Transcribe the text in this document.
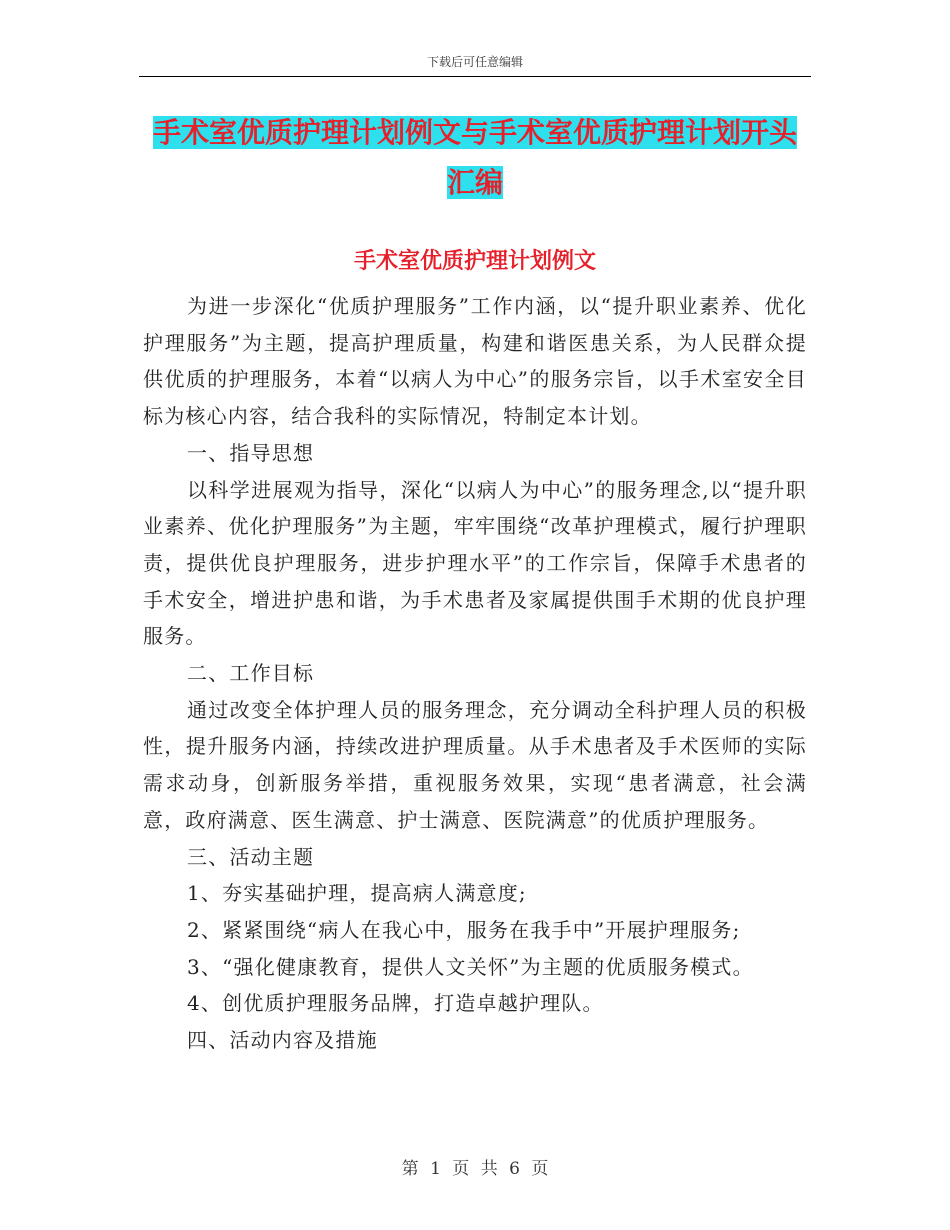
下载后可任意编辑
手术室优质护理计划例文与手术室优质护理计划开头汇编
手术室优质护理计划例文

为进一步深化“优质护理服务”工作内涵，以“提升职业素养、优化护理服务”为主题，提高护理质量，构建和谐医患关系，为人民群众提供优质的护理服务，本着“以病人为中心”的服务宗旨，以手术室安全目标为核心内容，结合我科的实际情况，特制定本计划。

一、指导思想

以科学进展观为指导，深化“以病人为中心”的服务理念,以“提升职业素养、优化护理服务”为主题，牢牢围绕“改革护理模式，履行护理职责，提供优良护理服务，进步护理水平”的工作宗旨，保障手术患者的手术安全，增进护患和谐，为手术患者及家属提供围手术期的优良护理服务。

二、工作目标

通过改变全体护理人员的服务理念，充分调动全科护理人员的积极性，提升服务内涵，持续改进护理质量。从手术患者及手术医师的实际需求动身，创新服务举措，重视服务效果，实现“患者满意，社会满意，政府满意、医生满意、护士满意、医院满意”的优质护理服务。

三、活动主题

1、夯实基础护理，提高病人满意度;

2、紧紧围绕“病人在我心中，服务在我手中”开展护理服务;

3、“强化健康教育，提供人文关怀”为主题的优质服务模式。

4、创优质护理服务品牌，打造卓越护理队。

四、活动内容及措施

第 1 页 共 6 页
